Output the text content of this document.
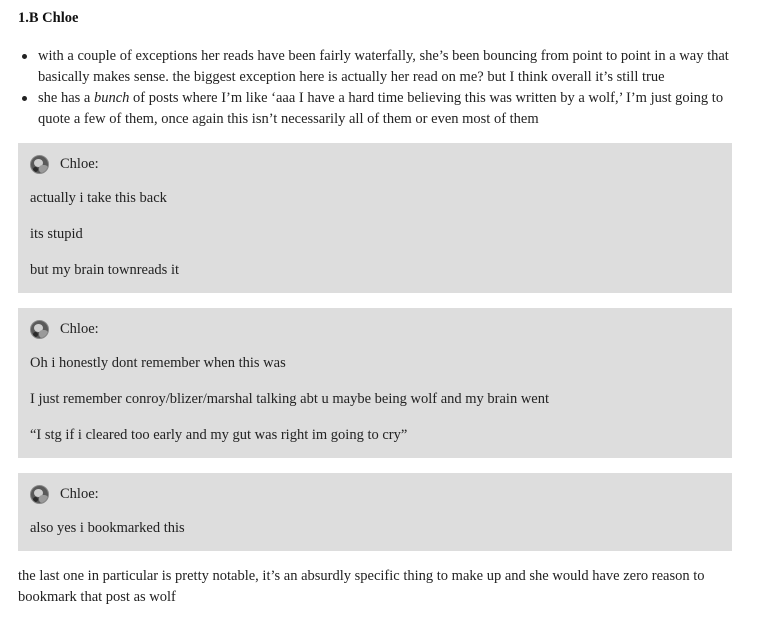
1.B Chloe
with a couple of exceptions her reads have been fairly waterfally, she’s been bouncing from point to point in a way that basically makes sense. the biggest exception here is actually her read on me? but I think overall it’s still true
she has a bunch of posts where I’m like ‘aaa I have a hard time believing this was written by a wolf,’ I’m just going to quote a few of them, once again this isn’t necessarily all of them or even most of them
Chloe:

actually i take this back

its stupid

but my brain townreads it

Chloe:

Oh i honestly dont remember when this was

I just remember conroy/blizer/marshal talking abt u maybe being wolf and my brain went

“I stg if i cleared too early and my gut was right im going to cry”

Chloe:

also yes i bookmarked this

the last one in particular is pretty notable, it’s an absurdly specific thing to make up and she would have zero reason to bookmark that post as wolf
